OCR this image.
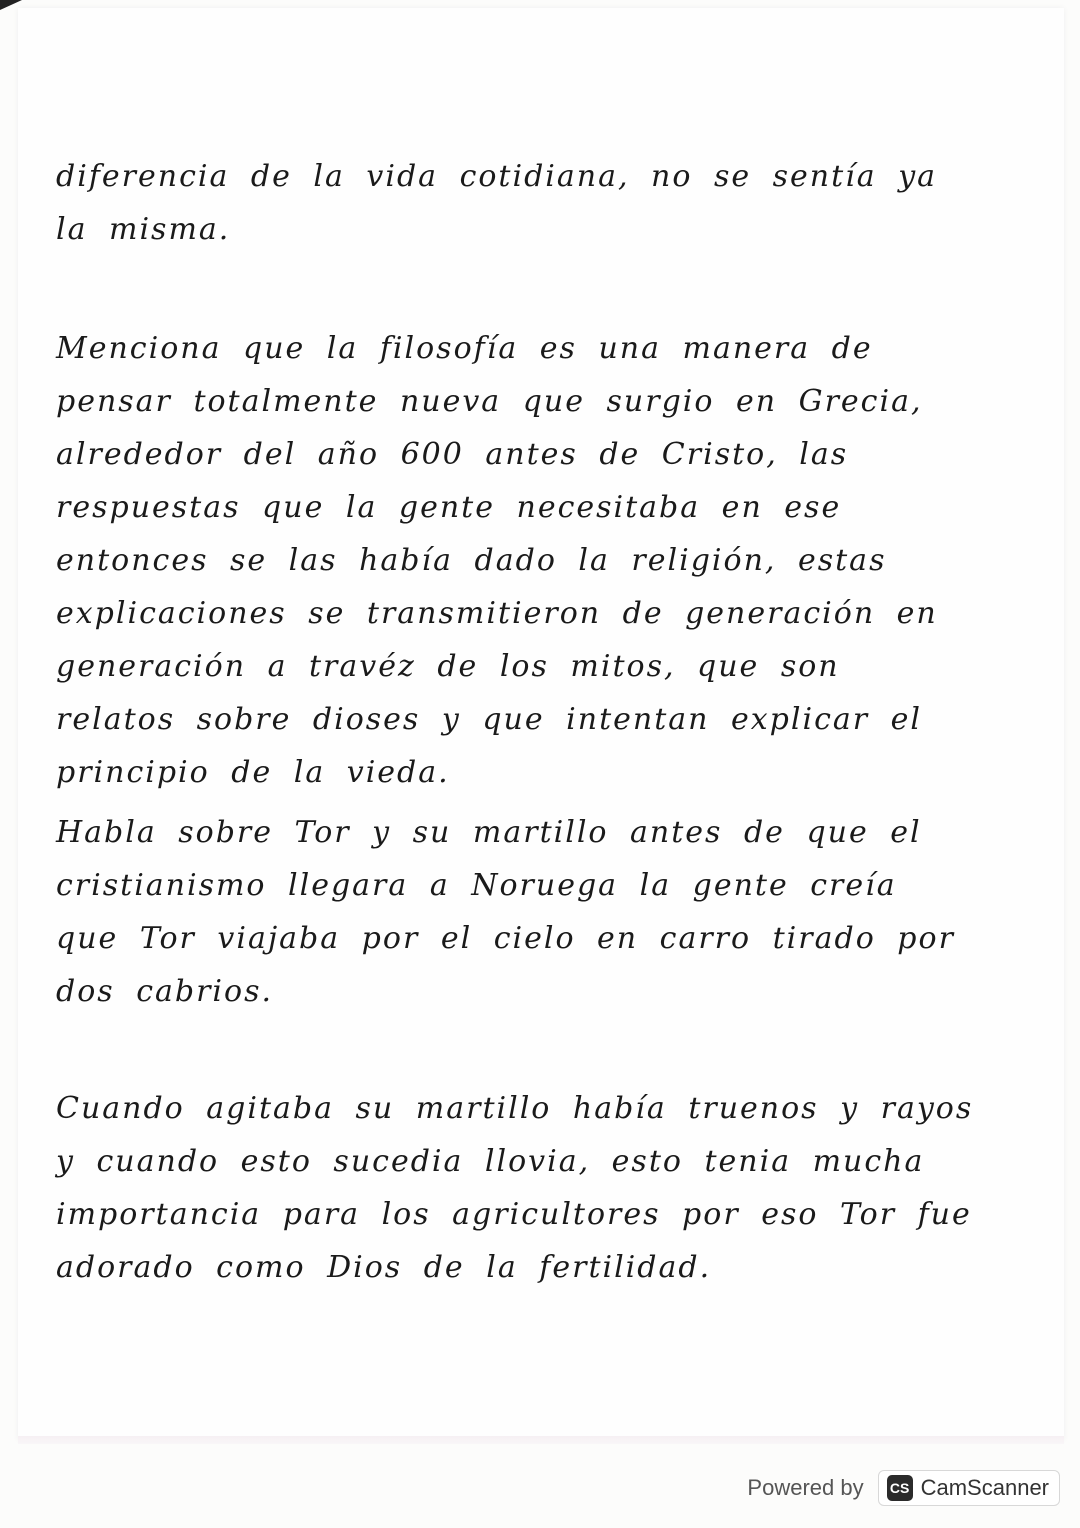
diferencia de la vida cotidiana, no se sentía ya la misma.

Menciona que la filosofía es una manera de pensar totalmente nueva que surgio en Grecia, alrededor del año 600 antes de Cristo, las respuestas que la gente necesitaba en ese entonces se las había dado la religión, estas explicaciones se transmitieron de generación en generación a travéz de los mitos, que son relatos sobre dioses y que intentan explicar el principio de la vieda.

Habla sobre Tor y su martillo antes de que el cristianismo llegara a Noruega la gente creía que Tor viajaba por el cielo en carro tirado por dos cabrios.

Cuando agitaba su martillo había truenos y rayos y cuando esto sucedia llovia, esto tenia mucha importancia para los agricultores por eso Tor fue adorado como Dios de la fertilidad.

Powered by CS CamScanner
